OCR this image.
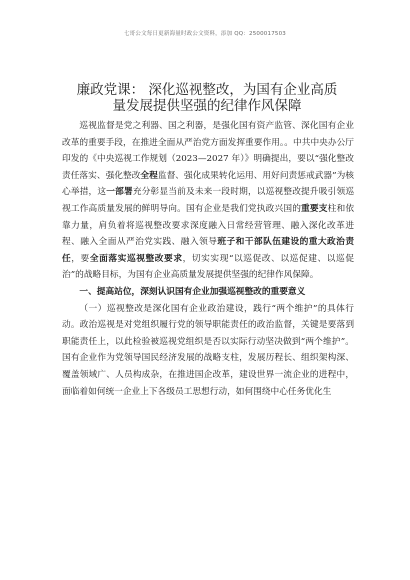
七哥公文每日更新海量时政公文资料，添加 QQ：2500017503
廉政党课： 深化巡视整改，为国有企业高质
量发展提供坚强的纪律作风保障

巡视监督是党之利器、国之利器，是强化国有资产监管、深化国有企业改革的重要手段，在推进全面从严治党方面发挥重要作用。。中共中央办公厅印发的《中央巡视工作规划（2023—2027 年）》明确提出，要以“强化整改责任落实、强化整改全程监督、强化成果转化运用、用好问责惩戒武器”为核心举措，这一部署充分彰显当前及未来一段时期，以巡视整改提升吸引领巡视工作高质量发展的鲜明导向。国有企业是我们党执政兴国的重要支柱和依靠力量，肩负着将巡视整改要求深度融入日常经营管理、融入深化改革进程、融入全面从严治党实践、融入领导班子和干部队伍建设的重大政治责任，要全面落实巡视整改要求，切实实现“以巡促改、以巡促建、以巡促治”的战略目标，为国有企业高质量发展提供坚强的纪律作风保障。

一、提高站位，深刻认识国有企业加强巡视整改的重要意义

（一）巡视整改是深化国有企业政治建设，践行“两个维护”的具体行动。政治巡视是对党组织履行党的领导职能责任的政治监督，关键是要落到职能责任上，以此检验被巡视党组织是否以实际行动坚决做到“两个维护”。国有企业作为党领导国民经济发展的战略支柱，发展历程长、组织架构深、覆盖领域广、人员构成杂，在推进国企改革，建设世界一流企业的进程中，面临着如何统一企业上下各级员工思想行动，如何围绕中心任务优化生
